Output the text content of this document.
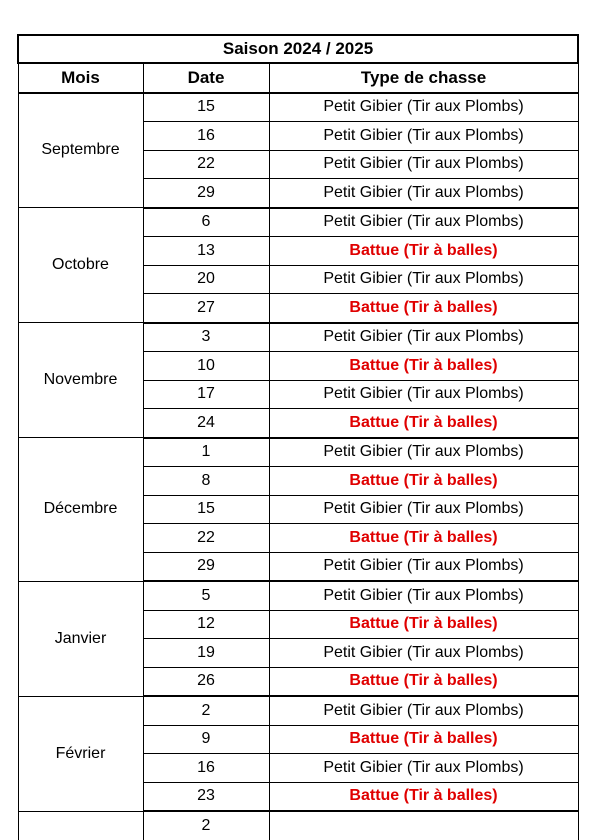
Saison 2024 / 2025		
Mois	Date	Type de chasse
Septembre	15	Petit Gibier (Tir aux Plombs)
	16	Petit Gibier (Tir aux Plombs)
	22	Petit Gibier (Tir aux Plombs)
	29	Petit Gibier (Tir aux Plombs)
Octobre	6	Petit Gibier (Tir aux Plombs)
	13	Battue (Tir à balles)
	20	Petit Gibier (Tir aux Plombs)
	27	Battue (Tir à balles)
Novembre	3	Petit Gibier (Tir aux Plombs)
	10	Battue (Tir à balles)
	17	Petit Gibier (Tir aux Plombs)
	24	Battue (Tir à balles)
Décembre	1	Petit Gibier (Tir aux Plombs)
	8	Battue (Tir à balles)
	15	Petit Gibier (Tir aux Plombs)
	22	Battue (Tir à balles)
	29	Petit Gibier (Tir aux Plombs)
Janvier	5	Petit Gibier (Tir aux Plombs)
	12	Battue (Tir à balles)
	19	Petit Gibier (Tir aux Plombs)
	26	Battue (Tir à balles)
Février	2	Petit Gibier (Tir aux Plombs)
	9	Battue (Tir à balles)
	16	Petit Gibier (Tir aux Plombs)
	23	Battue (Tir à balles)
	2	
